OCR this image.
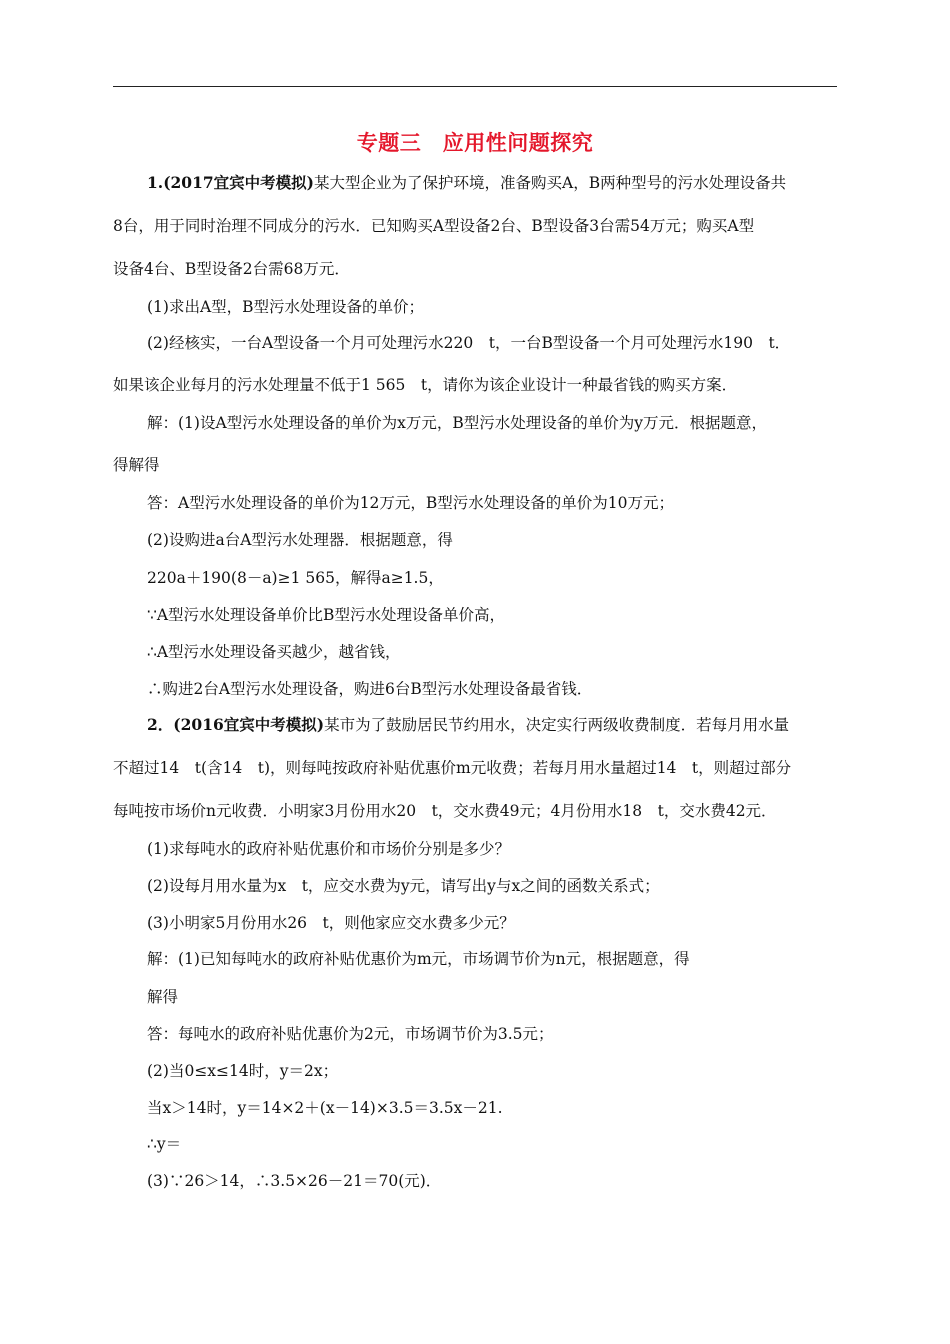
专题三　应用性问题探究
1.(2017宜宾中考模拟)某大型企业为了保护环境，准备购买A，B两种型号的污水处理设备共
8台，用于同时治理不同成分的污水．已知购买A型设备2台、B型设备3台需54万元；购买A型
设备4台、B型设备2台需68万元．
(1)求出A型，B型污水处理设备的单价；
(2)经核实，一台A型设备一个月可处理污水220　t，一台B型设备一个月可处理污水190　t．
如果该企业每月的污水处理量不低于1 565　t，请你为该企业设计一种最省钱的购买方案．
解：(1)设A型污水处理设备的单价为x万元，B型污水处理设备的单价为y万元．根据题意，
得解得
答：A型污水处理设备的单价为12万元，B型污水处理设备的单价为10万元；
(2)设购进a台A型污水处理器．根据题意，得
220a＋190(8－a)≥1 565，解得a≥1.5，
∵A型污水处理设备单价比B型污水处理设备单价高，
∴A型污水处理设备买越少，越省钱，
∴购进2台A型污水处理设备，购进6台B型污水处理设备最省钱．
2．(2016宜宾中考模拟)某市为了鼓励居民节约用水，决定实行两级收费制度．若每月用水量
不超过14　t(含14　t)，则每吨按政府补贴优惠价m元收费；若每月用水量超过14　t，则超过部分
每吨按市场价n元收费．小明家3月份用水20　t，交水费49元；4月份用水18　t，交水费42元．
(1)求每吨水的政府补贴优惠价和市场价分别是多少？
(2)设每月用水量为x　t，应交水费为y元，请写出y与x之间的函数关系式；
(3)小明家5月份用水26　t，则他家应交水费多少元？
解：(1)已知每吨水的政府补贴优惠价为m元，市场调节价为n元，根据题意，得
解得
答：每吨水的政府补贴优惠价为2元，市场调节价为3.5元；
(2)当0≤x≤14时，y＝2x；
当x＞14时，y＝14×2＋(x－14)×3.5＝3.5x－21.
∴y＝
(3)∵26＞14，∴3.5×26－21＝70(元)．
